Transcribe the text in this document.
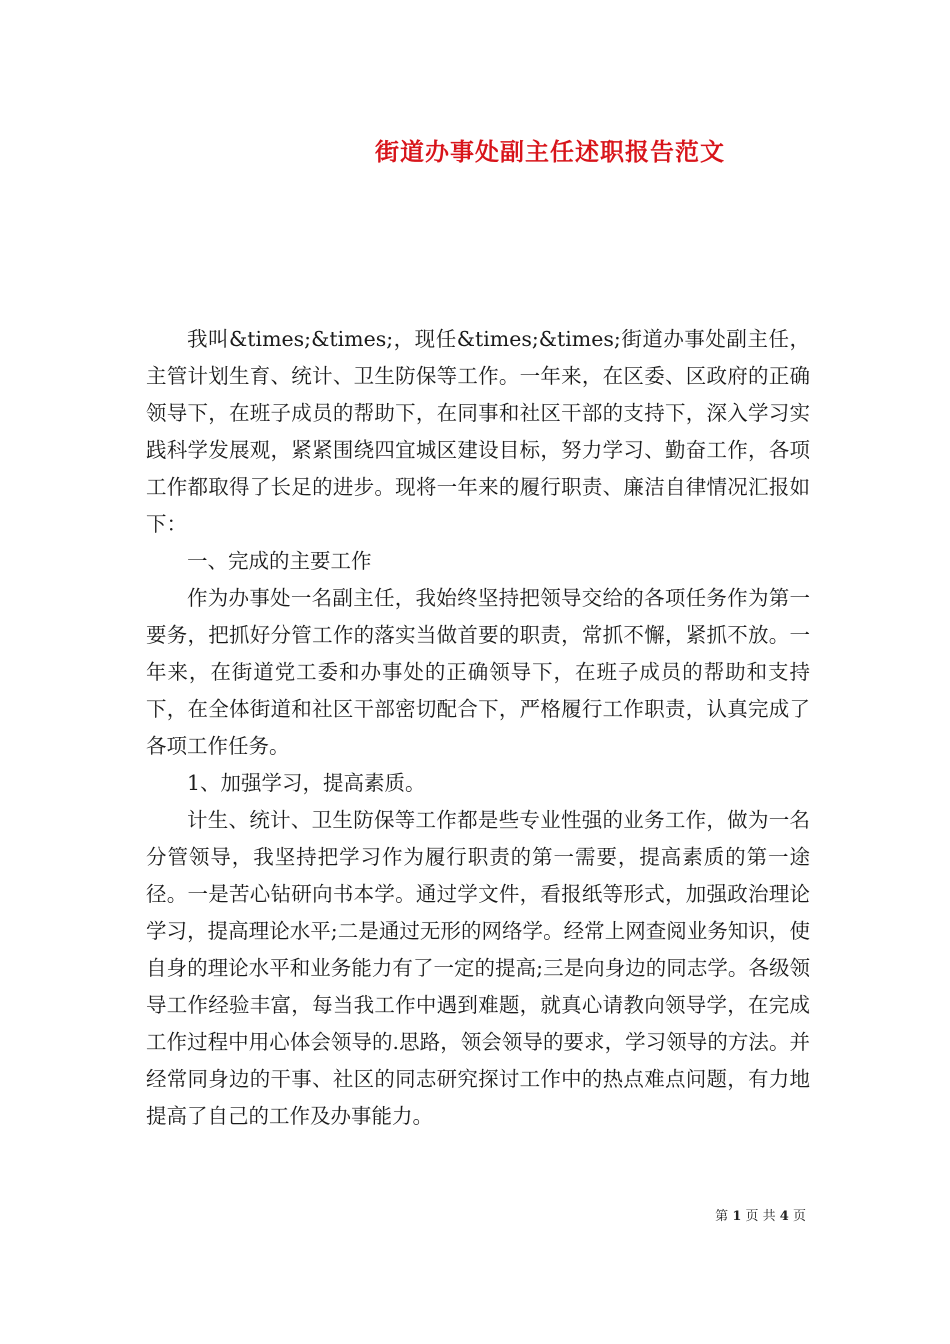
街道办事处副主任述职报告范文

我叫&times;&times;，现任&times;&times;街道办事处副主任，主管计划生育、统计、卫生防保等工作。一年来，在区委、区政府的正确领导下，在班子成员的帮助下，在同事和社区干部的支持下，深入学习实践科学发展观，紧紧围绕四宜城区建设目标，努力学习、勤奋工作，各项工作都取得了长足的进步。现将一年来的履行职责、廉洁自律情况汇报如下：

一、完成的主要工作

作为办事处一名副主任，我始终坚持把领导交给的各项任务作为第一要务，把抓好分管工作的落实当做首要的职责，常抓不懈，紧抓不放。一年来，在街道党工委和办事处的正确领导下，在班子成员的帮助和支持下，在全体街道和社区干部密切配合下，严格履行工作职责，认真完成了各项工作任务。

1、加强学习，提高素质。

计生、统计、卫生防保等工作都是些专业性强的业务工作，做为一名分管领导，我坚持把学习作为履行职责的第一需要，提高素质的第一途径。一是苦心钻研向书本学。通过学文件，看报纸等形式，加强政治理论学习，提高理论水平;二是通过无形的网络学。经常上网查阅业务知识，使自身的理论水平和业务能力有了一定的提高;三是向身边的同志学。各级领导工作经验丰富，每当我工作中遇到难题，就真心请教向领导学，在完成工作过程中用心体会领导的.思路，领会领导的要求，学习领导的方法。并经常同身边的干事、社区的同志研究探讨工作中的热点难点问题，有力地提高了自己的工作及办事能力。

第 1 页 共 4 页
